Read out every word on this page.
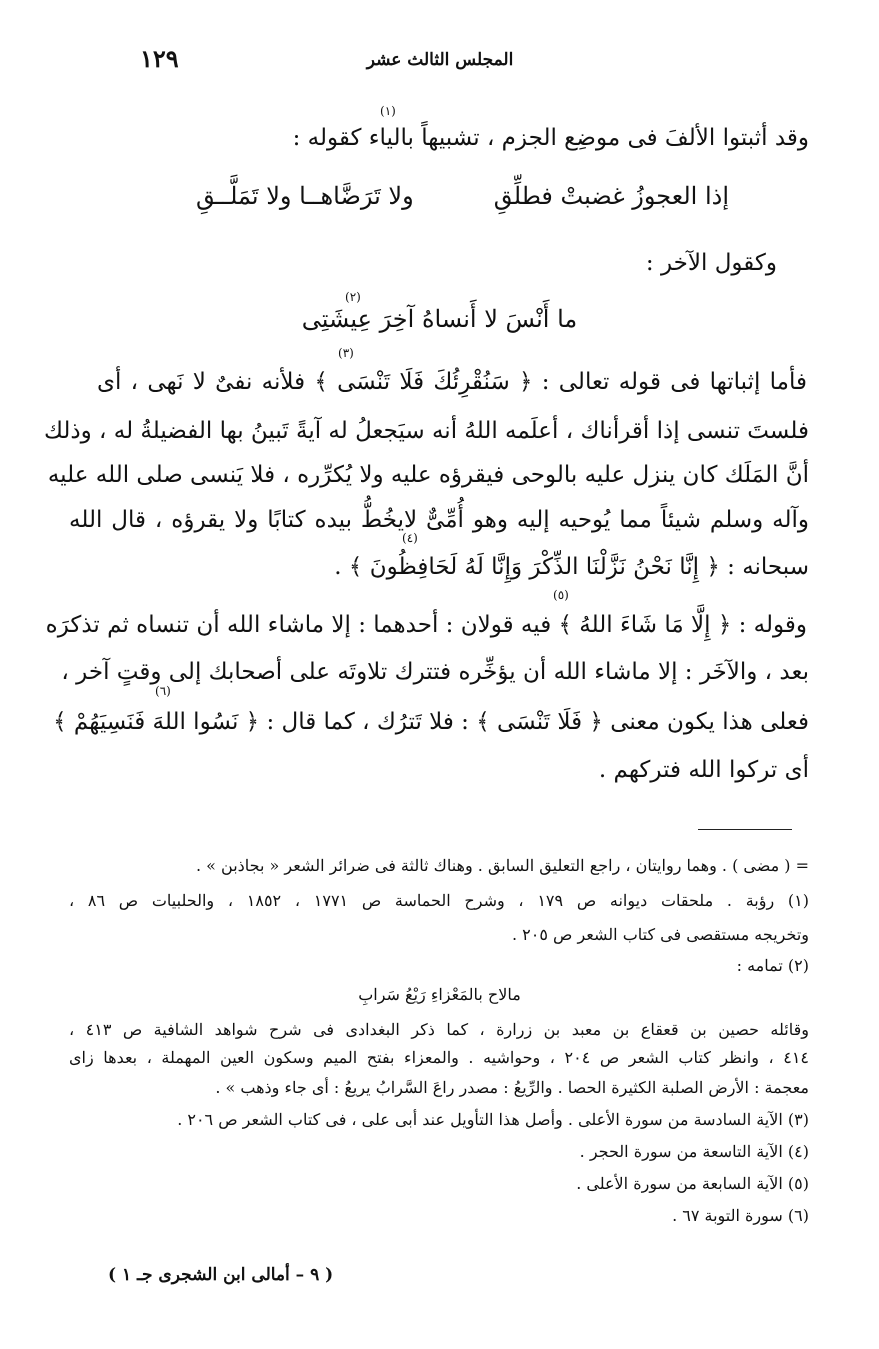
١٢٩	المجلس الثالث عشر
وقد أثبتوا الألفَ فى موضِع الجزم ، تشبيهاً بالياء كقوله :
(١)
إذا العجوزُ غضبتْ فطلِّقِ
ولا تَرَضَّاهــا ولا تَمَلَّــقِ
وكقول الآخر :
ما أَنْسَ لا أَنساهُ آخِرَ عِيشَتِى
(٢)
فأما إثباتها فى قوله تعالى : ﴿ سَنُقْرِئُكَ فَلَا تَنْسَى ﴾ فلأنه نفىٌ لا نَهى ، أى
(٣)
فلستَ تنسى إذا أقرأناك ، أعلَمه اللهُ أنه سيَجعلُ له آيةً تَبينُ بها الفضيلةُ له ، وذلك
أنَّ المَلَك كان ينزل عليه بالوحى فيقرؤه عليه ولا يُكرِّره ، فلا يَنسى صلى الله عليه
وآله وسلم شيئاً مما يُوحيه إليه وهو أُمِّىٌّ لايخُطُّ بيده كتابًا ولا يقرؤه ، قال الله
سبحانه : ﴿ إِنَّا نَحْنُ نَزَّلْنَا الذِّكْرَ وَإِنَّا لَهُ لَحَافِظُونَ ﴾ .
(٤)
وقوله : ﴿ إِلَّا مَا شَاءَ اللهُ ﴾ فيه قولان : أحدهما : إلا ماشاء الله أن تنساه ثم تذكرَه
(٥)
بعد ، والآخَر : إلا ماشاء الله أن يؤخِّره فتترك تلاوتَه على أصحابك إلى وقتٍ آخر ،
فعلى هذا يكون معنى ﴿ فَلَا تَنْسَى ﴾ : فلا تَترُك ، كما قال : ﴿ نَسُوا اللهَ فَنَسِيَهُمْ ﴾
(٦)
أى تركوا الله فتركهم .
= ( مضى ) . وهما روايتان ، راجع التعليق السابق . وهناك ثالثة فى ضرائر الشعر « بجاذبن » .
(١) رؤبة . ملحقات ديوانه ص ١٧٩ ، وشرح الحماسة ص ١٧٧١ ، ١٨٥٢ ، والحلبيات ص ٨٦ ،
وتخريجه مستقصى فى كتاب الشعر ص ٢٠٥ .
(٢) تمامه :
مالاح بالمَعْزاءِ رَيْعُ سَرابِ
وقائله حصين بن قعقاع بن معبد بن زرارة ، كما ذكر البغدادى فى شرح شواهد الشافية ص ٤١٣ ،
٤١٤ ، وانظر كتاب الشعر ص ٢٠٤ ، وحواشيه . والمعزاء بفتح الميم وسكون العين المهملة ، بعدها زاى
معجمة : الأرض الصلبة الكثيرة الحصا . والرِّيعُ : مصدر راعَ السَّرابُ يريعُ : أى جاء وذهب » .
(٣) الآية السادسة من سورة الأعلى . وأصل هذا التأويل عند أبى على ، فى كتاب الشعر ص ٢٠٦ .
(٤) الآية التاسعة من سورة الحجر .
(٥) الآية السابعة من سورة الأعلى .
(٦) سورة التوبة ٦٧ .
( ٩ – أمالى ابن الشجرى جـ ١ )
